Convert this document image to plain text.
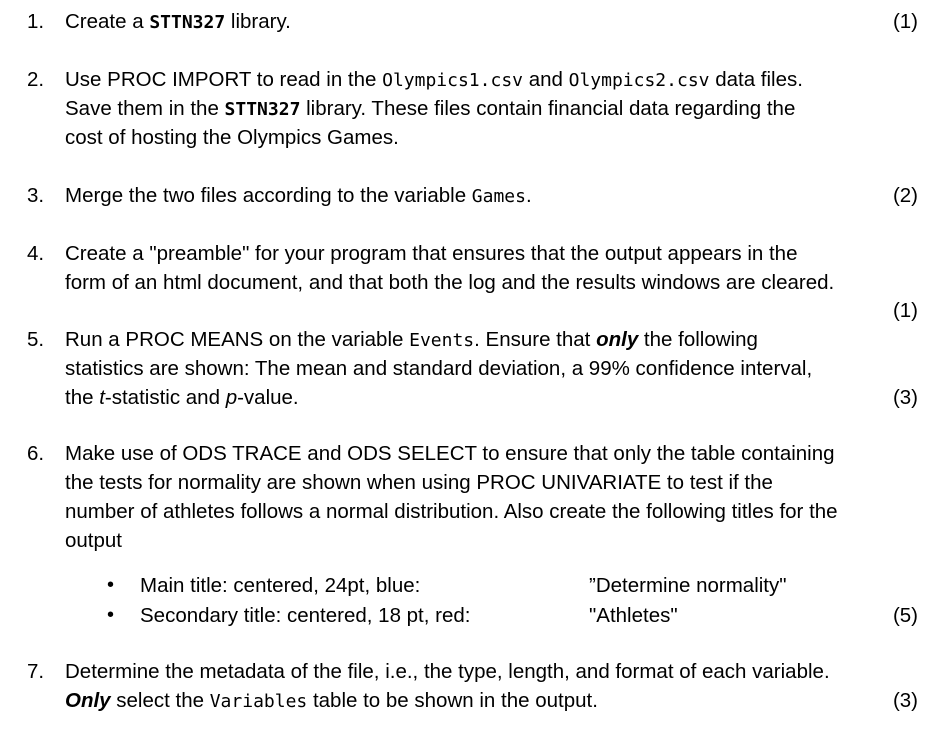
1. Create a STTN327 library.	(1)
2. Use PROC IMPORT to read in the Olympics1.csv and Olympics2.csv data files.
Save them in the STTN327 library. These files contain financial data regarding the
cost of hosting the Olympics Games.
3. Merge the two files according to the variable Games.	(2)
4. Create a "preamble" for your program that ensures that the output appears in the
form of an html document, and that both the log and the results windows are cleared.
(1)
5. Run a PROC MEANS on the variable Events. Ensure that only the following
statistics are shown: The mean and standard deviation, a 99% confidence interval,
the t-statistic and p-value.	(3)
6. Make use of ODS TRACE and ODS SELECT to ensure that only the table containing
the tests for normality are shown when using PROC UNIVARIATE to test if the
number of athletes follows a normal distribution. Also create the following titles for the
output
• Main title: centered, 24pt, blue:	”Determine normality"
• Secondary title: centered, 18 pt, red:	"Athletes"	(5)
7. Determine the metadata of the file, i.e., the type, length, and format of each variable.
Only select the Variables table to be shown in the output.	(3)
